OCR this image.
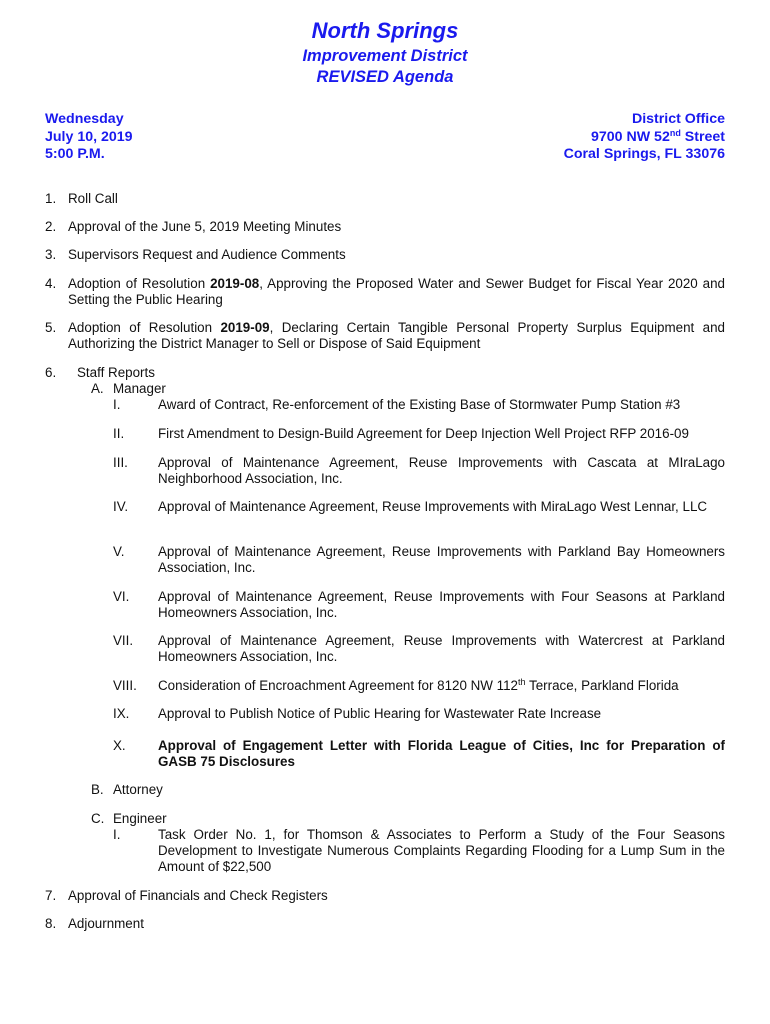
North Springs
Improvement District
REVISED Agenda
Wednesday
July 10, 2019
5:00 P.M.
District Office
9700 NW 52nd Street
Coral Springs, FL 33076
1. Roll Call
2. Approval of the June 5, 2019 Meeting Minutes
3. Supervisors Request and Audience Comments
4. Adoption of Resolution 2019-08, Approving the Proposed Water and Sewer Budget for Fiscal Year 2020 and Setting the Public Hearing
5. Adoption of Resolution 2019-09, Declaring Certain Tangible Personal Property Surplus Equipment and Authorizing the District Manager to Sell or Dispose of Said Equipment
6. Staff Reports
A. Manager
I.	Award of Contract, Re-enforcement of the Existing Base of Stormwater Pump Station #3
II.	First Amendment to Design-Build Agreement for Deep Injection Well Project RFP 2016-09
III. Approval of Maintenance Agreement, Reuse Improvements with Cascata at MIraLago Neighborhood Association, Inc.
IV. Approval of Maintenance Agreement, Reuse Improvements with MiraLago West Lennar, LLC
V.	Approval of Maintenance Agreement, Reuse Improvements with Parkland Bay Homeowners Association, Inc.
VI. Approval of Maintenance Agreement, Reuse Improvements with Four Seasons at Parkland Homeowners Association, Inc.
VII. Approval of Maintenance Agreement, Reuse Improvements with Watercrest at Parkland Homeowners Association, Inc.
VIII. Consideration of Encroachment Agreement for 8120 NW 112th Terrace, Parkland Florida
IX. Approval to Publish Notice of Public Hearing for Wastewater Rate Increase
X. Approval of Engagement Letter with Florida League of Cities, Inc for Preparation of GASB 75 Disclosures
B. Attorney
C. Engineer
I.	Task Order No. 1, for Thomson & Associates to Perform a Study of the Four Seasons Development to Investigate Numerous Complaints Regarding Flooding for a Lump Sum in the Amount of $22,500
7. Approval of Financials and Check Registers
8. Adjournment
